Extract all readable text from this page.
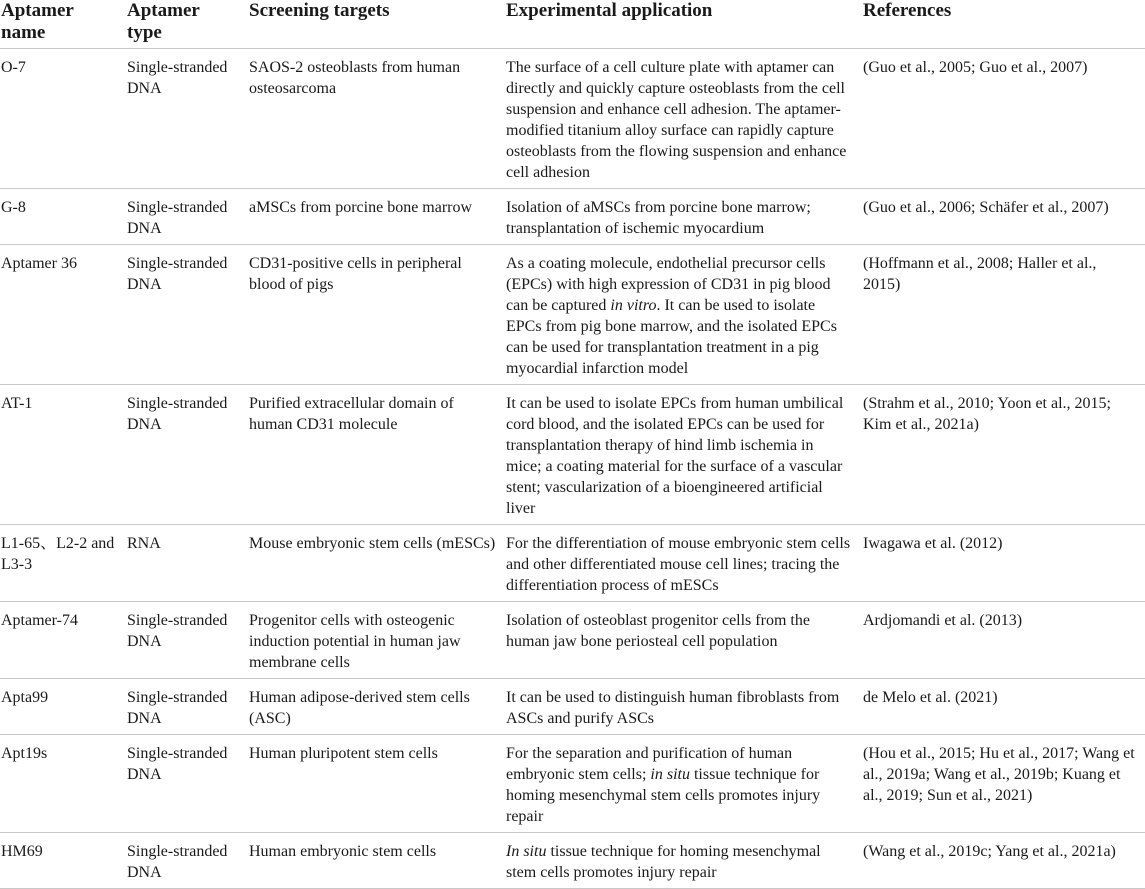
Aptamer name	Aptamer type	Screening targets	Experimental application	References
O-7	Single-stranded DNA	SAOS-2 osteoblasts from human osteosarcoma	The surface of a cell culture plate with aptamer can directly and quickly capture osteoblasts from the cell suspension and enhance cell adhesion. The aptamer-modified titanium alloy surface can rapidly capture osteoblasts from the flowing suspension and enhance cell adhesion	(Guo et al., 2005; Guo et al., 2007)
G-8	Single-stranded DNA	aMSCs from porcine bone marrow	Isolation of aMSCs from porcine bone marrow; transplantation of ischemic myocardium	(Guo et al., 2006; Schäfer et al., 2007)
Aptamer 36	Single-stranded DNA	CD31-positive cells in peripheral blood of pigs	As a coating molecule, endothelial precursor cells (EPCs) with high expression of CD31 in pig blood can be captured in vitro. It can be used to isolate EPCs from pig bone marrow, and the isolated EPCs can be used for transplantation treatment in a pig myocardial infarction model	(Hoffmann et al., 2008; Haller et al., 2015)
AT-1	Single-stranded DNA	Purified extracellular domain of human CD31 molecule	It can be used to isolate EPCs from human umbilical cord blood, and the isolated EPCs can be used for transplantation therapy of hind limb ischemia in mice; a coating material for the surface of a vascular stent; vascularization of a bioengineered artificial liver	(Strahm et al., 2010; Yoon et al., 2015; Kim et al., 2021a)
L1-65、L2-2 and L3-3	RNA	Mouse embryonic stem cells (mESCs)	For the differentiation of mouse embryonic stem cells and other differentiated mouse cell lines; tracing the differentiation process of mESCs	Iwagawa et al. (2012)
Aptamer-74	Single-stranded DNA	Progenitor cells with osteogenic induction potential in human jaw membrane cells	Isolation of osteoblast progenitor cells from the human jaw bone periosteal cell population	Ardjomandi et al. (2013)
Apta99	Single-stranded DNA	Human adipose-derived stem cells (ASC)	It can be used to distinguish human fibroblasts from ASCs and purify ASCs	de Melo et al. (2021)
Apt19s	Single-stranded DNA	Human pluripotent stem cells	For the separation and purification of human embryonic stem cells; in situ tissue technique for homing mesenchymal stem cells promotes injury repair	(Hou et al., 2015; Hu et al., 2017; Wang et al., 2019a; Wang et al., 2019b; Kuang et al., 2019; Sun et al., 2021)
HM69	Single-stranded DNA	Human embryonic stem cells	In situ tissue technique for homing mesenchymal stem cells promotes injury repair	(Wang et al., 2019c; Yang et al., 2021a)
